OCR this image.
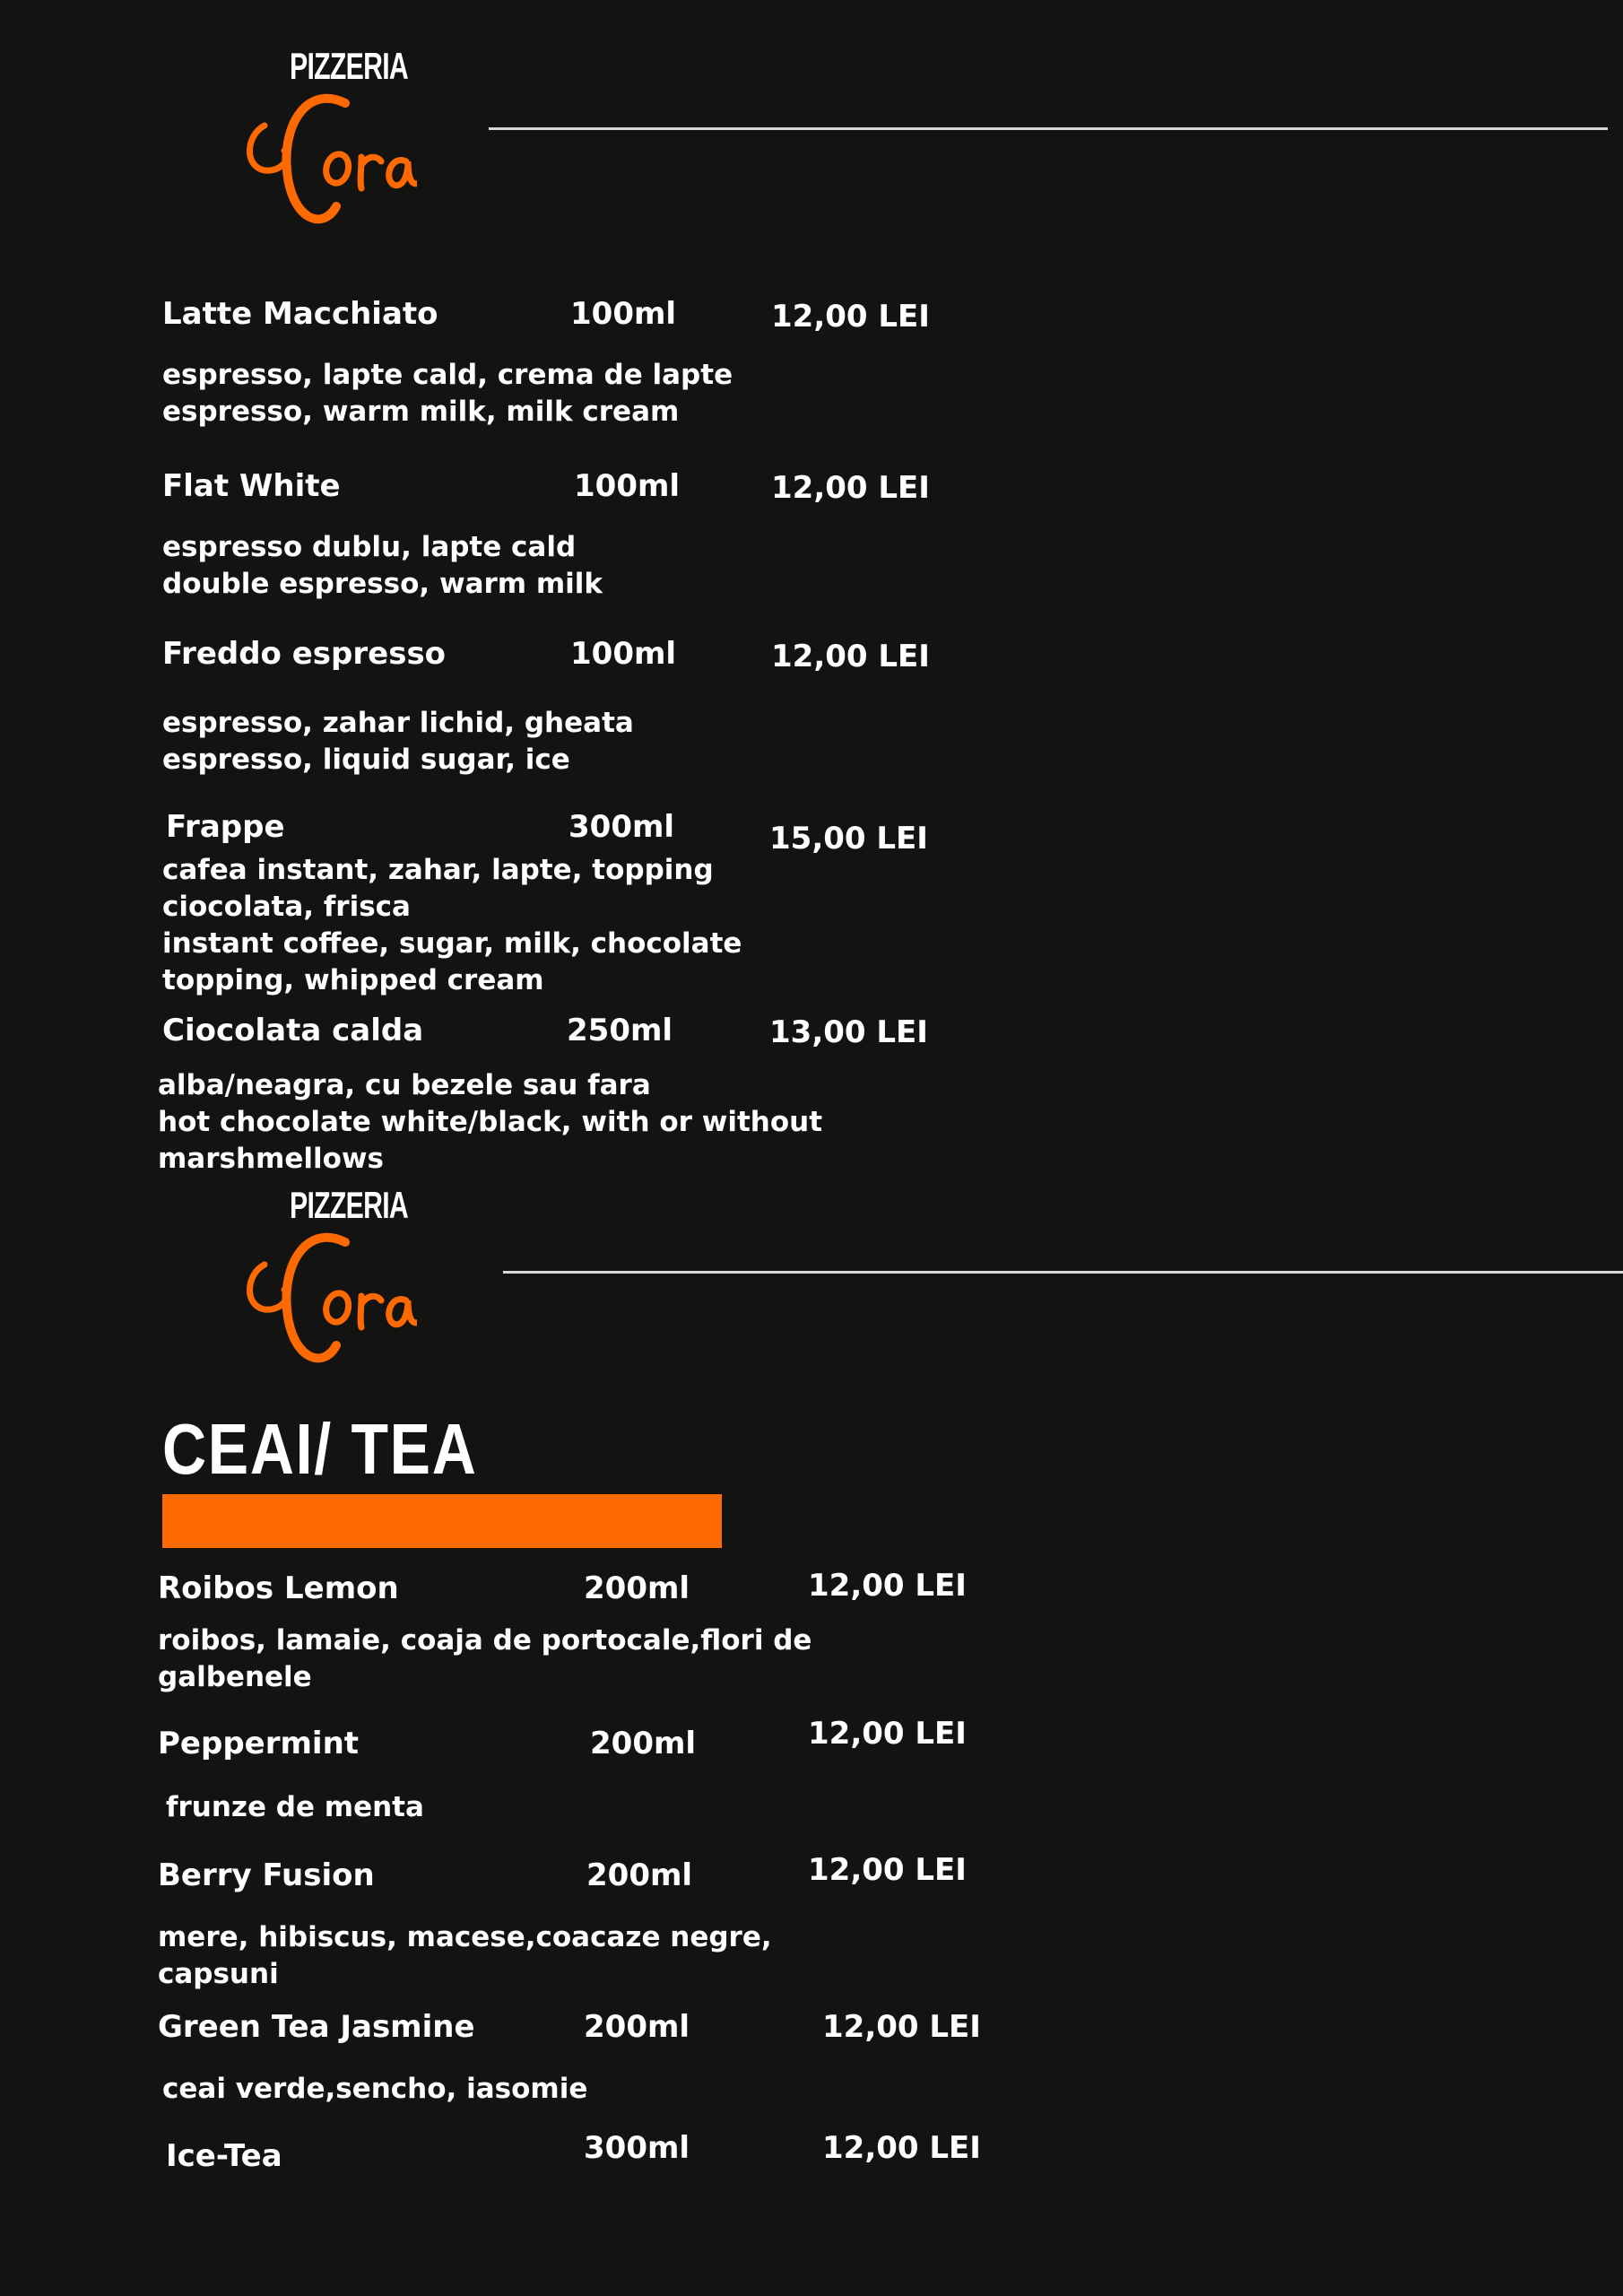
PIZZERIA
Latte Macchiato	100ml	12,00 LEI
espresso, lapte cald, crema de lapte
espresso, warm milk, milk cream
Flat White	100ml	12,00 LEI
espresso dublu, lapte cald
double espresso, warm milk
Freddo espresso	100ml	12,00 LEI
espresso, zahar lichid, gheata
espresso, liquid sugar, ice
Frappe	300ml	15,00 LEI
cafea instant, zahar, lapte, topping
ciocolata, frisca
instant coffee, sugar, milk, chocolate
topping, whipped cream
Ciocolata calda	250ml	13,00 LEI
alba/neagra, cu bezele sau fara
hot chocolate white/black, with or without
marshmellows
PIZZERIA
CEAI/ TEA
Roibos Lemon	200ml	12,00 LEI
roibos, lamaie, coaja de portocale,flori de
galbenele
Peppermint	200ml	12,00 LEI
frunze de menta
Berry Fusion	200ml	12,00 LEI
mere, hibiscus, macese,coacaze negre,
capsuni
Green Tea Jasmine	200ml	12,00 LEI
ceai verde,sencho, iasomie
Ice-Tea	300ml	12,00 LEI
